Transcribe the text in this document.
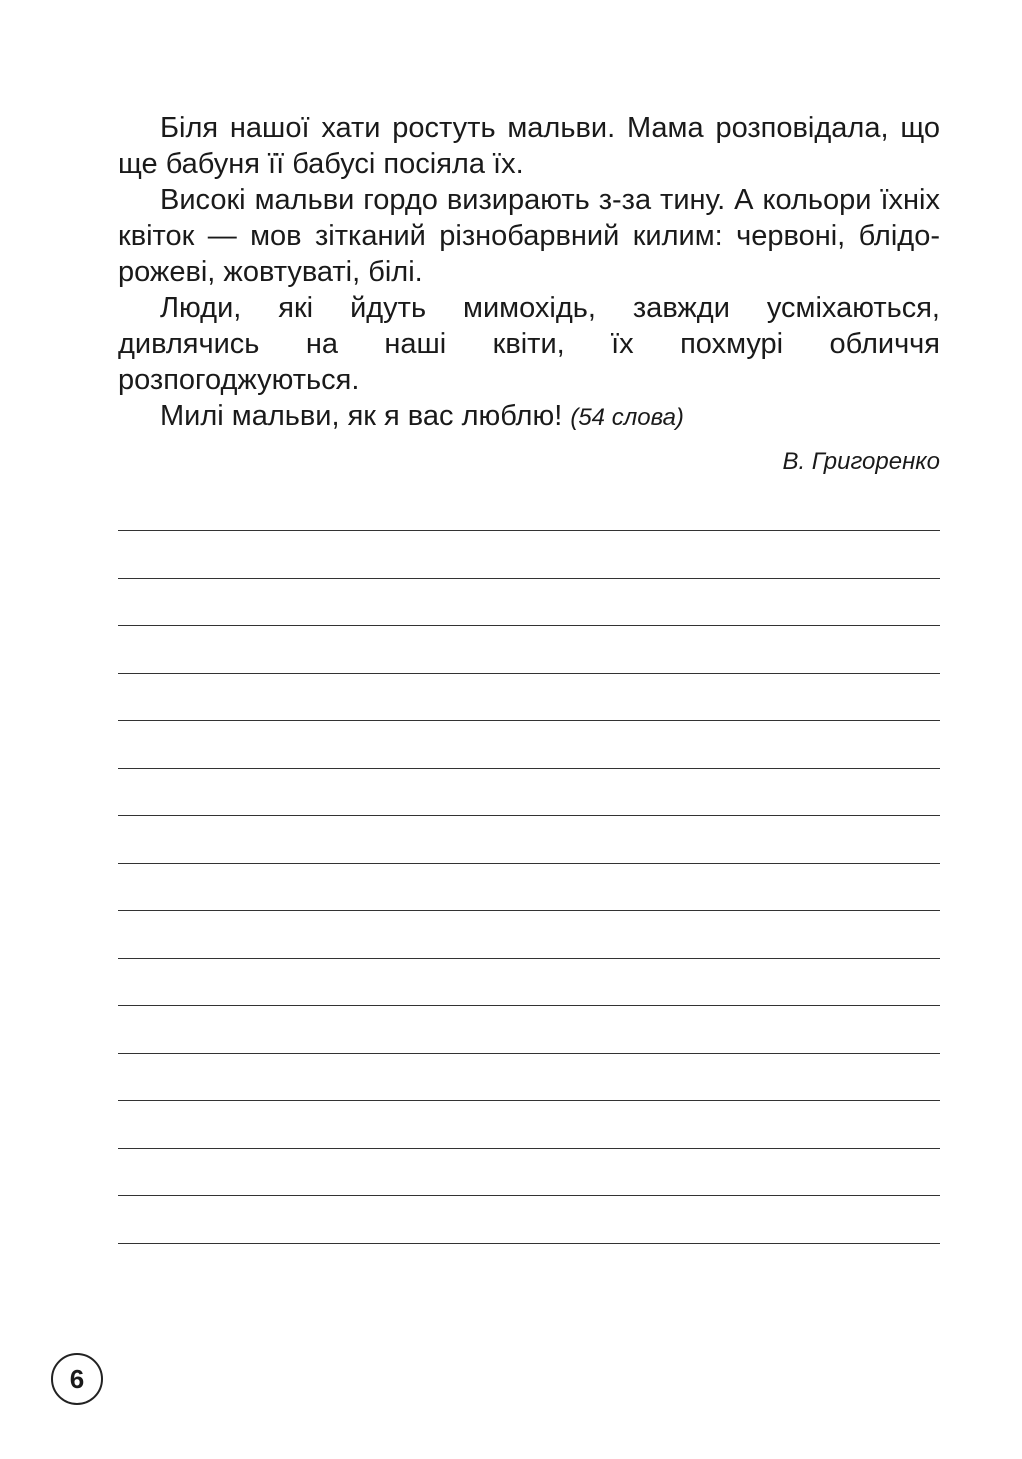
Біля нашої хати ростуть мальви. Мама розповідала, що ще бабуня її бабусі посіяла їх.

Високі мальви гордо визирають з-за тину. А кольори їхніх квіток — мов зітканий різнобарвний килим: червоні, блідо-рожеві, жовтуваті, білі.

Люди, які йдуть мимохідь, завжди усміхаються, дивлячись на наші квіти, їх похмурі обличчя розпогоджуються.

Милі мальви, як я вас люблю! (54 слова)

В. Григоренко
6
